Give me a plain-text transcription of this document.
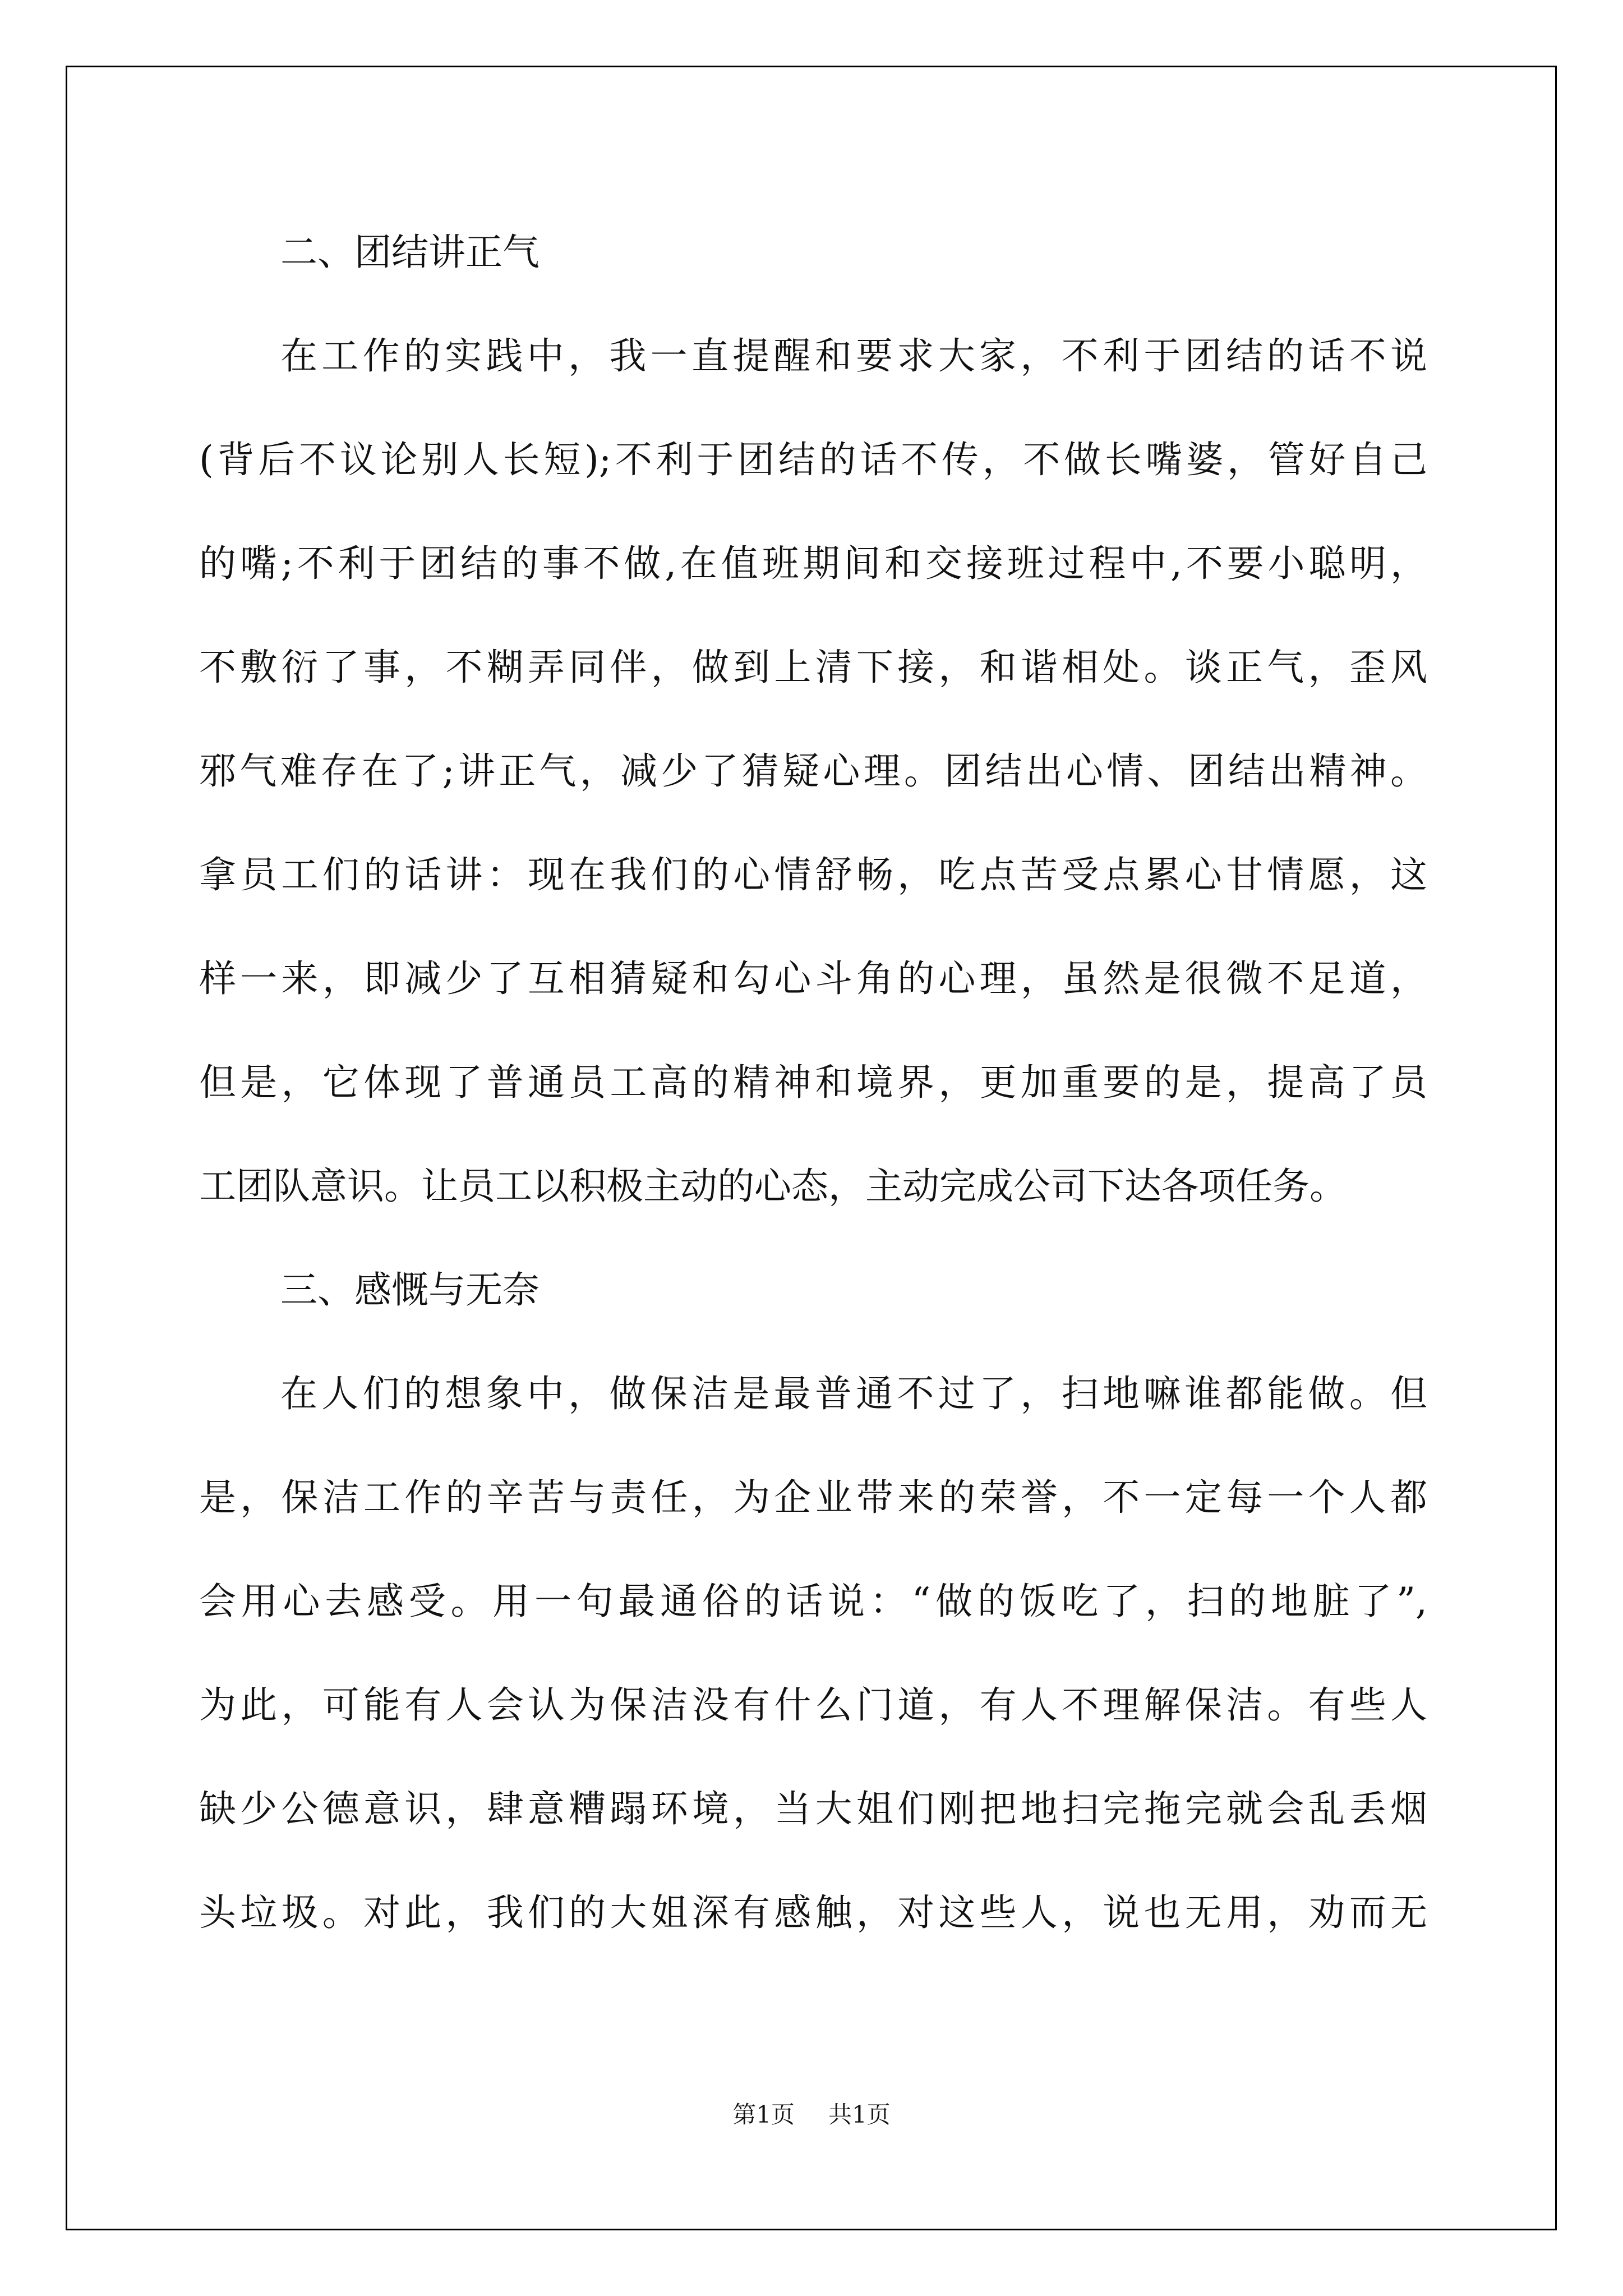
二、团结讲正气
在工作的实践中，我一直提醒和要求大家，不利于团结的话不说
(背后不议论别人长短);不利于团结的话不传，不做长嘴婆，管好自己
的嘴;不利于团结的事不做,在值班期间和交接班过程中,不要小聪明，
不敷衍了事，不糊弄同伴，做到上清下接，和谐相处。谈正气，歪风
邪气难存在了;讲正气，减少了猜疑心理。团结出心情、团结出精神。
拿员工们的话讲：现在我们的心情舒畅，吃点苦受点累心甘情愿，这
样一来，即减少了互相猜疑和勾心斗角的心理，虽然是很微不足道，
但是，它体现了普通员工高的精神和境界，更加重要的是，提高了员
工团队意识。让员工以积极主动的心态，主动完成公司下达各项任务。
三、感慨与无奈
在人们的想象中，做保洁是最普通不过了，扫地嘛谁都能做。但
是，保洁工作的辛苦与责任，为企业带来的荣誉，不一定每一个人都
会用心去感受。用一句最通俗的话说：“做的饭吃了，扫的地脏了”,
为此，可能有人会认为保洁没有什么门道，有人不理解保洁。有些人
缺少公德意识，肆意糟蹋环境，当大姐们刚把地扫完拖完就会乱丢烟
头垃圾。对此，我们的大姐深有感触，对这些人，说也无用，劝而无
第1页 共1页
